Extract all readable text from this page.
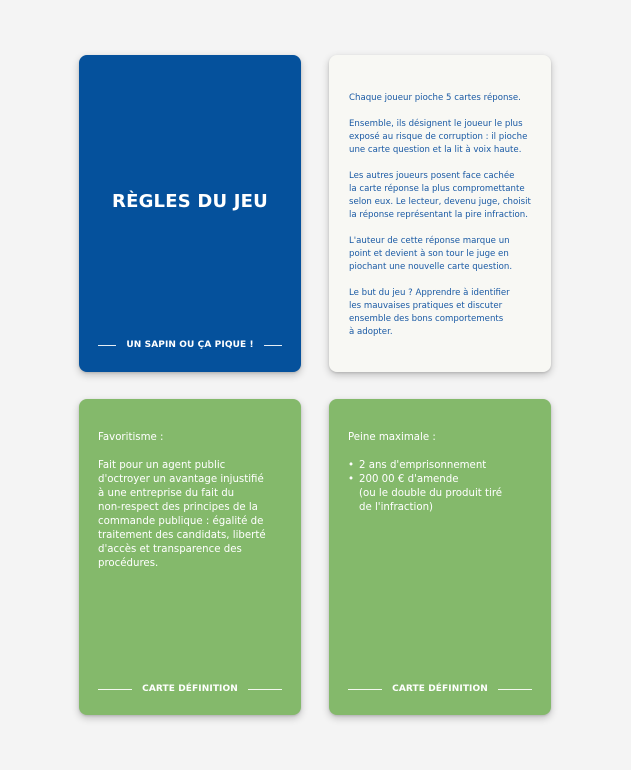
RÈGLES DU JEU
UN SAPIN OU ÇA PIQUE !

Chaque joueur pioche 5 cartes réponse.

Ensemble, ils désignent le joueur le plus
exposé au risque de corruption : il pioche
une carte question et la lit à voix haute.

Les autres joueurs posent face cachée
la carte réponse la plus compromettante
selon eux. Le lecteur, devenu juge, choisit
la réponse représentant la pire infraction.

L'auteur de cette réponse marque un
point et devient à son tour le juge en
piochant une nouvelle carte question.

Le but du jeu ? Apprendre à identifier
les mauvaises pratiques et discuter
ensemble des bons comportements
à adopter.

Favoritisme :
Fait pour un agent public
d'octroyer un avantage injustifié
à une entreprise du fait du
non-respect des principes de la
commande publique : égalité de
traitement des candidats, liberté
d'accès et transparence des
procédures.
CARTE DÉFINITION
Peine maximale :
• 2 ans d'emprisonnement
• 200 00 € d'amende
(ou le double du produit tiré
de l'infraction)
CARTE DÉFINITION
